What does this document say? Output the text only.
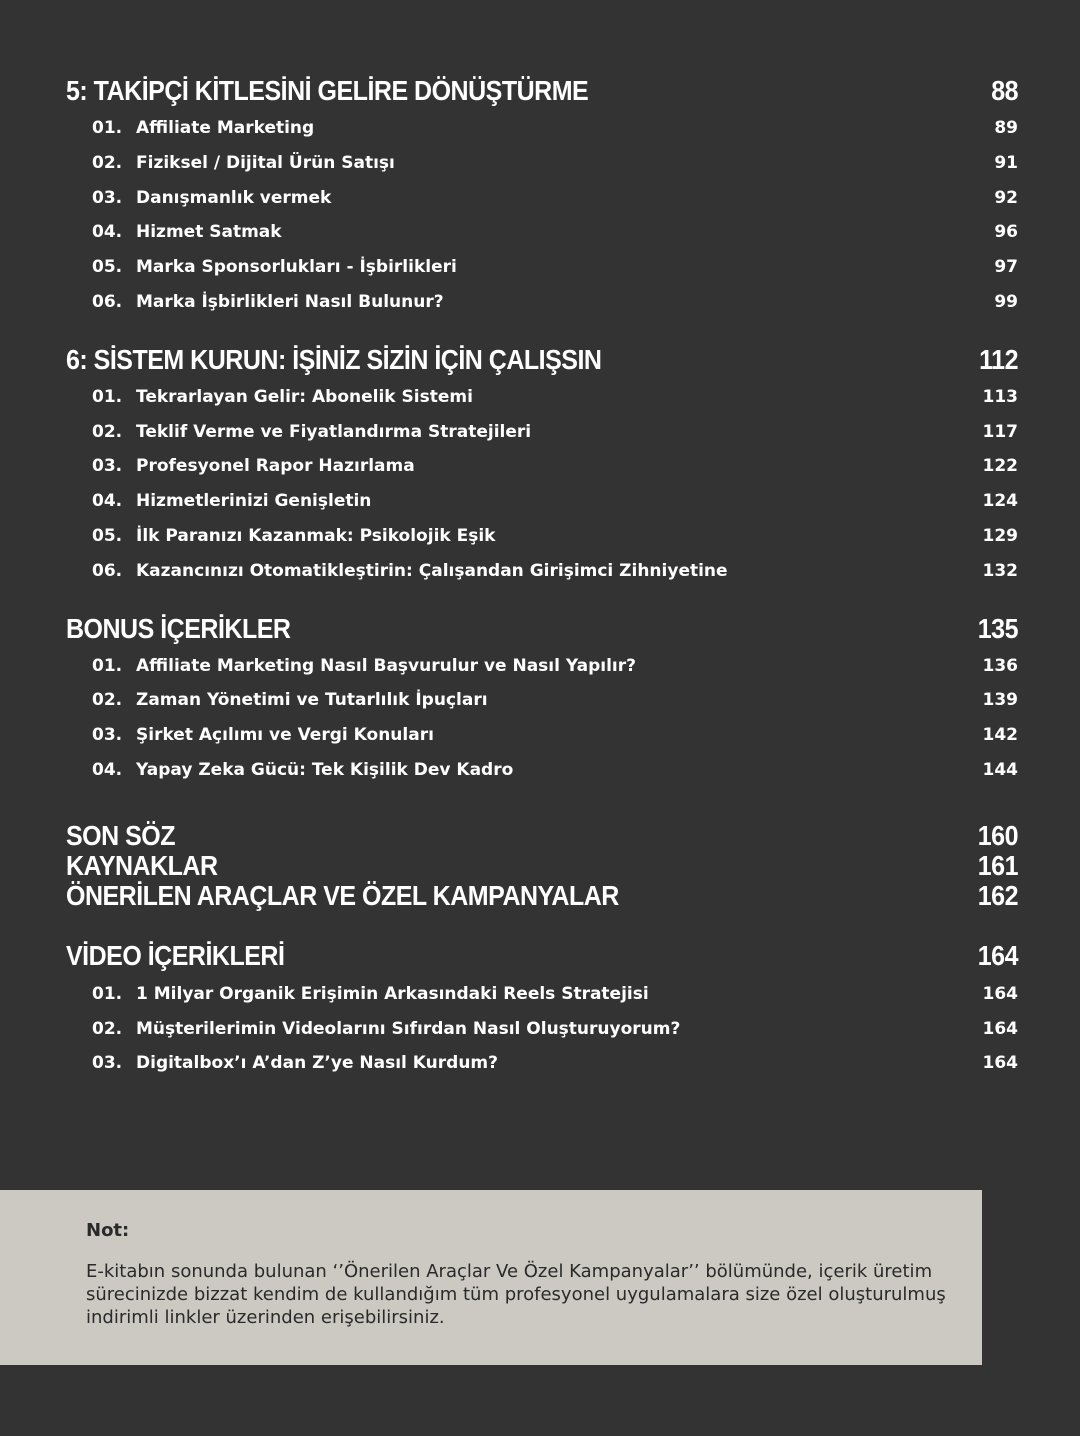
5: TAKİPÇİ KİTLESİNİ GELİRE DÖNÜŞTÜRME	88
01. Affiliate Marketing	89
02. Fiziksel / Dijital Ürün Satışı	91
03. Danışmanlık vermek	92
04. Hizmet Satmak	96
05. Marka Sponsorlukları - İşbirlikleri	97
06. Marka İşbirlikleri Nasıl Bulunur?	99
6: SİSTEM KURUN: İŞİNİZ SİZİN İÇİN ÇALIŞSIN	112
01. Tekrarlayan Gelir: Abonelik Sistemi	113
02. Teklif Verme ve Fiyatlandırma Stratejileri	117
03. Profesyonel Rapor Hazırlama	122
04. Hizmetlerinizi Genişletin	124
05. İlk Paranızı Kazanmak: Psikolojik Eşik	129
06. Kazancınızı Otomatikleştirin: Çalışandan Girişimci Zihniyetine	132
BONUS İÇERİKLER	135
01. Affiliate Marketing Nasıl Başvurulur ve Nasıl Yapılır?	136
02. Zaman Yönetimi ve Tutarlılık İpuçları	139
03. Şirket Açılımı ve Vergi Konuları	142
04. Yapay Zeka Gücü: Tek Kişilik Dev Kadro	144
SON SÖZ	160
KAYNAKLAR	161
ÖNERİLEN ARAÇLAR VE ÖZEL KAMPANYALAR	162
VİDEO İÇERİKLERİ	164
01. 1 Milyar Organik Erişimin Arkasındaki Reels Stratejisi	164
02. Müşterilerimin Videolarını Sıfırdan Nasıl Oluşturuyorum?	164
03. Digitalbox’ı A’dan Z’ye Nasıl Kurdum?	164
Not:
E-kitabın sonunda bulunan ‘’Önerilen Araçlar Ve Özel Kampanyalar’’ bölümünde, içerik üretim sürecinizde bizzat kendim de kullandığım tüm profesyonel uygulamalara size özel oluşturulmuş indirimli linkler üzerinden erişebilirsiniz.
